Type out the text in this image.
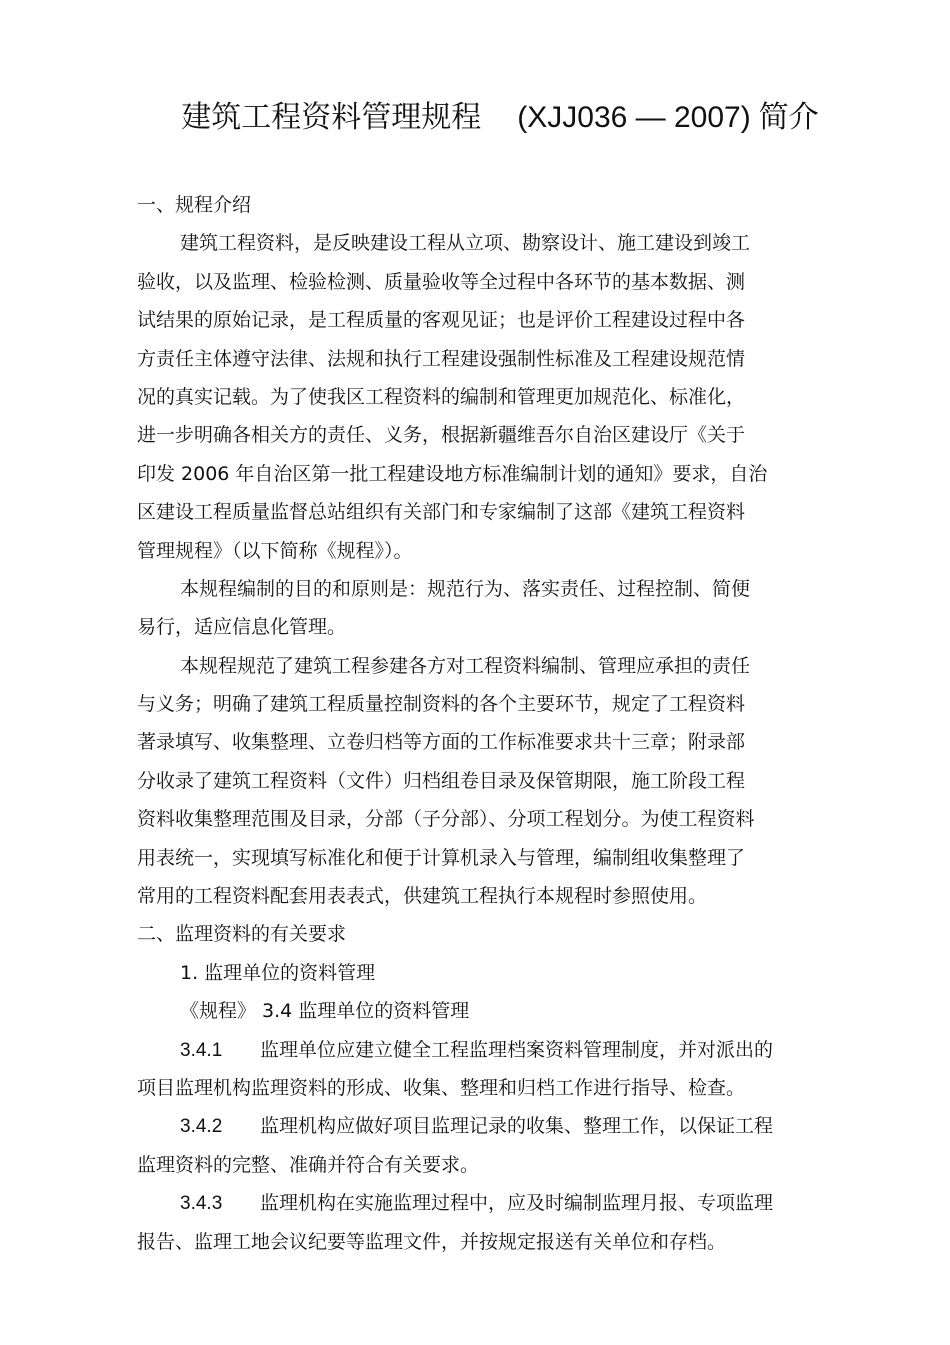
建筑工程资料管理规程 (XJJ036 — 2007) 简介
一、规程介绍
建筑工程资料，是反映建设工程从立项、勘察设计、施工建设到竣工
验收，以及监理、检验检测、质量验收等全过程中各环节的基本数据、测
试结果的原始记录，是工程质量的客观见证；也是评价工程建设过程中各
方责任主体遵守法律、法规和执行工程建设强制性标准及工程建设规范情
况的真实记载。为了使我区工程资料的编制和管理更加规范化、标准化，
进一步明确各相关方的责任、义务，根据新疆维吾尔自治区建设厅《关于
印发 2006 年自治区第一批工程建设地方标准编制计划的通知》要求，自治
区建设工程质量监督总站组织有关部门和专家编制了这部《建筑工程资料
管理规程》（以下简称《规程》）。
本规程编制的目的和原则是：规范行为、落实责任、过程控制、简便
易行，适应信息化管理。
本规程规范了建筑工程参建各方对工程资料编制、管理应承担的责任
与义务；明确了建筑工程质量控制资料的各个主要环节，规定了工程资料
著录填写、收集整理、立卷归档等方面的工作标准要求共十三章；附录部
分收录了建筑工程资料（文件）归档组卷目录及保管期限，施工阶段工程
资料收集整理范围及目录，分部（子分部）、分项工程划分。为使工程资料
用表统一，实现填写标准化和便于计算机录入与管理，编制组收集整理了
常用的工程资料配套用表表式，供建筑工程执行本规程时参照使用。
二、监理资料的有关要求
1. 监理单位的资料管理
《规程》 3.4 监理单位的资料管理
3.4.1 监理单位应建立健全工程监理档案资料管理制度，并对派出的
项目监理机构监理资料的形成、收集、整理和归档工作进行指导、检查。
3.4.2 监理机构应做好项目监理记录的收集、整理工作，以保证工程
监理资料的完整、准确并符合有关要求。
3.4.3 监理机构在实施监理过程中，应及时编制监理月报、专项监理
报告、监理工地会议纪要等监理文件，并按规定报送有关单位和存档。
